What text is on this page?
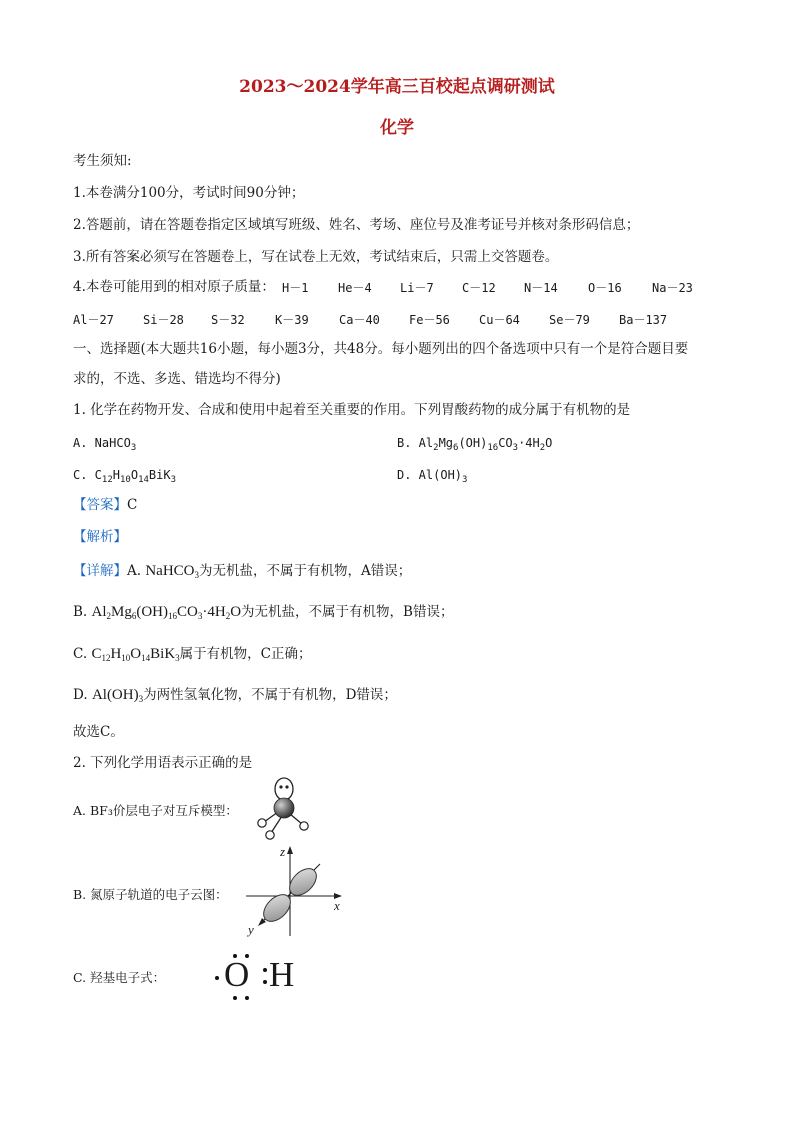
2023～2024学年高三百校起点调研测试
化学
考生须知:
1.本卷满分100分，考试时间90分钟；
2.答题前，请在答题卷指定区域填写班级、姓名、考场、座位号及准考证号并核对条形码信息；
3.所有答案必须写在答题卷上，写在试卷上无效，考试结束后，只需上交答题卷。
4.本卷可能用到的相对原子质量： H－1 He－4 Li－7 C－12 N－14	O－16	Na－23
Al－27 Si－28 S－32	K－39	Ca－40 Fe－56 Cu－64 Se－79 Ba－137
一、选择题(本大题共16小题，每小题3分，共48分。每小题列出的四个备选项中只有一个是符合题目要
求的，不选、多选、错选均不得分)
1. 化学在药物开发、合成和使用中起着至关重要的作用。下列胃酸药物的成分属于有机物的是
A. NaHCO$_3$	B. $Al_2Mg_6(OH)_{16}CO_3\cdot 4H_2O$
C. $C_{12}H_{10}O_{14}BiK_3$	D. $Al(OH)_3$
【答案】C
【解析】
【详解】A. NaHCO$_3$为无机盐，不属于有机物，A错误；
B. $Al_2Mg_6(OH)_{16}CO_3\cdot 4H_2O$为无机盐，不属于有机物，B错误；
C. $C_{12}H_{10}O_{14}BiK_3$属于有机物，C正确；
D. $Al(OH)_3$为两性氢氧化物，不属于有机物，D错误；
故选C。
2. 下列化学用语表示正确的是
A. BF₃价层电子对互斥模型：
B. 氮原子轨道的电子云图：
z
x
y
C. 羟基电子式： O H
